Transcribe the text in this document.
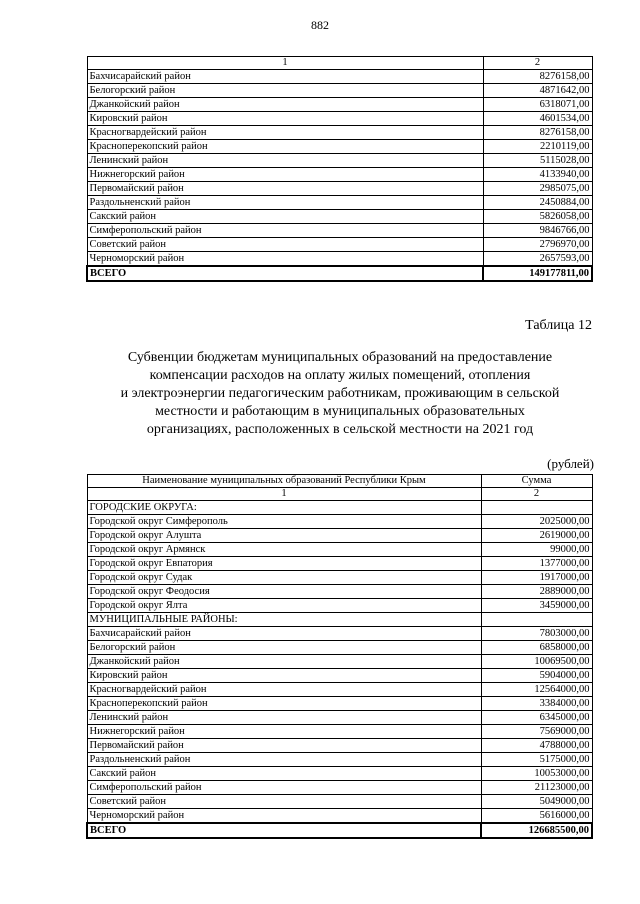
882
1	2
Бахчисарайский район	8276158,00
Белогорский район	4871642,00
Джанкойский район	6318071,00
Кировский район	4601534,00
Красногвардейский район	8276158,00
Красноперекопский район	2210119,00
Ленинский район	5115028,00
Нижнегорский район	4133940,00
Первомайский район	2985075,00
Раздольненский район	2450884,00
Сакский район	5826058,00
Симферопольский район	9846766,00
Советский район	2796970,00
Черноморский район	2657593,00
ВСЕГО	149177811,00
Таблица 12
Субвенции бюджетам муниципальных образований на предоставление
компенсации расходов на оплату жилых помещений, отопления
и электроэнергии педагогическим работникам, проживающим в сельской
местности и работающим в муниципальных образовательных
организациях, расположенных в сельской местности на 2021 год
(рублей)
Наименование муниципальных образований Республики Крым	Сумма
1	2
ГОРОДСКИЕ ОКРУГА:	
Городской округ Симферополь	2025000,00
Городской округ Алушта	2619000,00
Городской округ Армянск	99000,00
Городской округ Евпатория	1377000,00
Городской округ Судак	1917000,00
Городской округ Феодосия	2889000,00
Городской округ Ялта	3459000,00
МУНИЦИПАЛЬНЫЕ РАЙОНЫ:	
Бахчисарайский район	7803000,00
Белогорский район	6858000,00
Джанкойский район	10069500,00
Кировский район	5904000,00
Красногвардейский район	12564000,00
Красноперекопский район	3384000,00
Ленинский район	6345000,00
Нижнегорский район	7569000,00
Первомайский район	4788000,00
Раздольненский район	5175000,00
Сакский район	10053000,00
Симферопольский район	21123000,00
Советский район	5049000,00
Черноморский район	5616000,00
ВСЕГО	126685500,00
